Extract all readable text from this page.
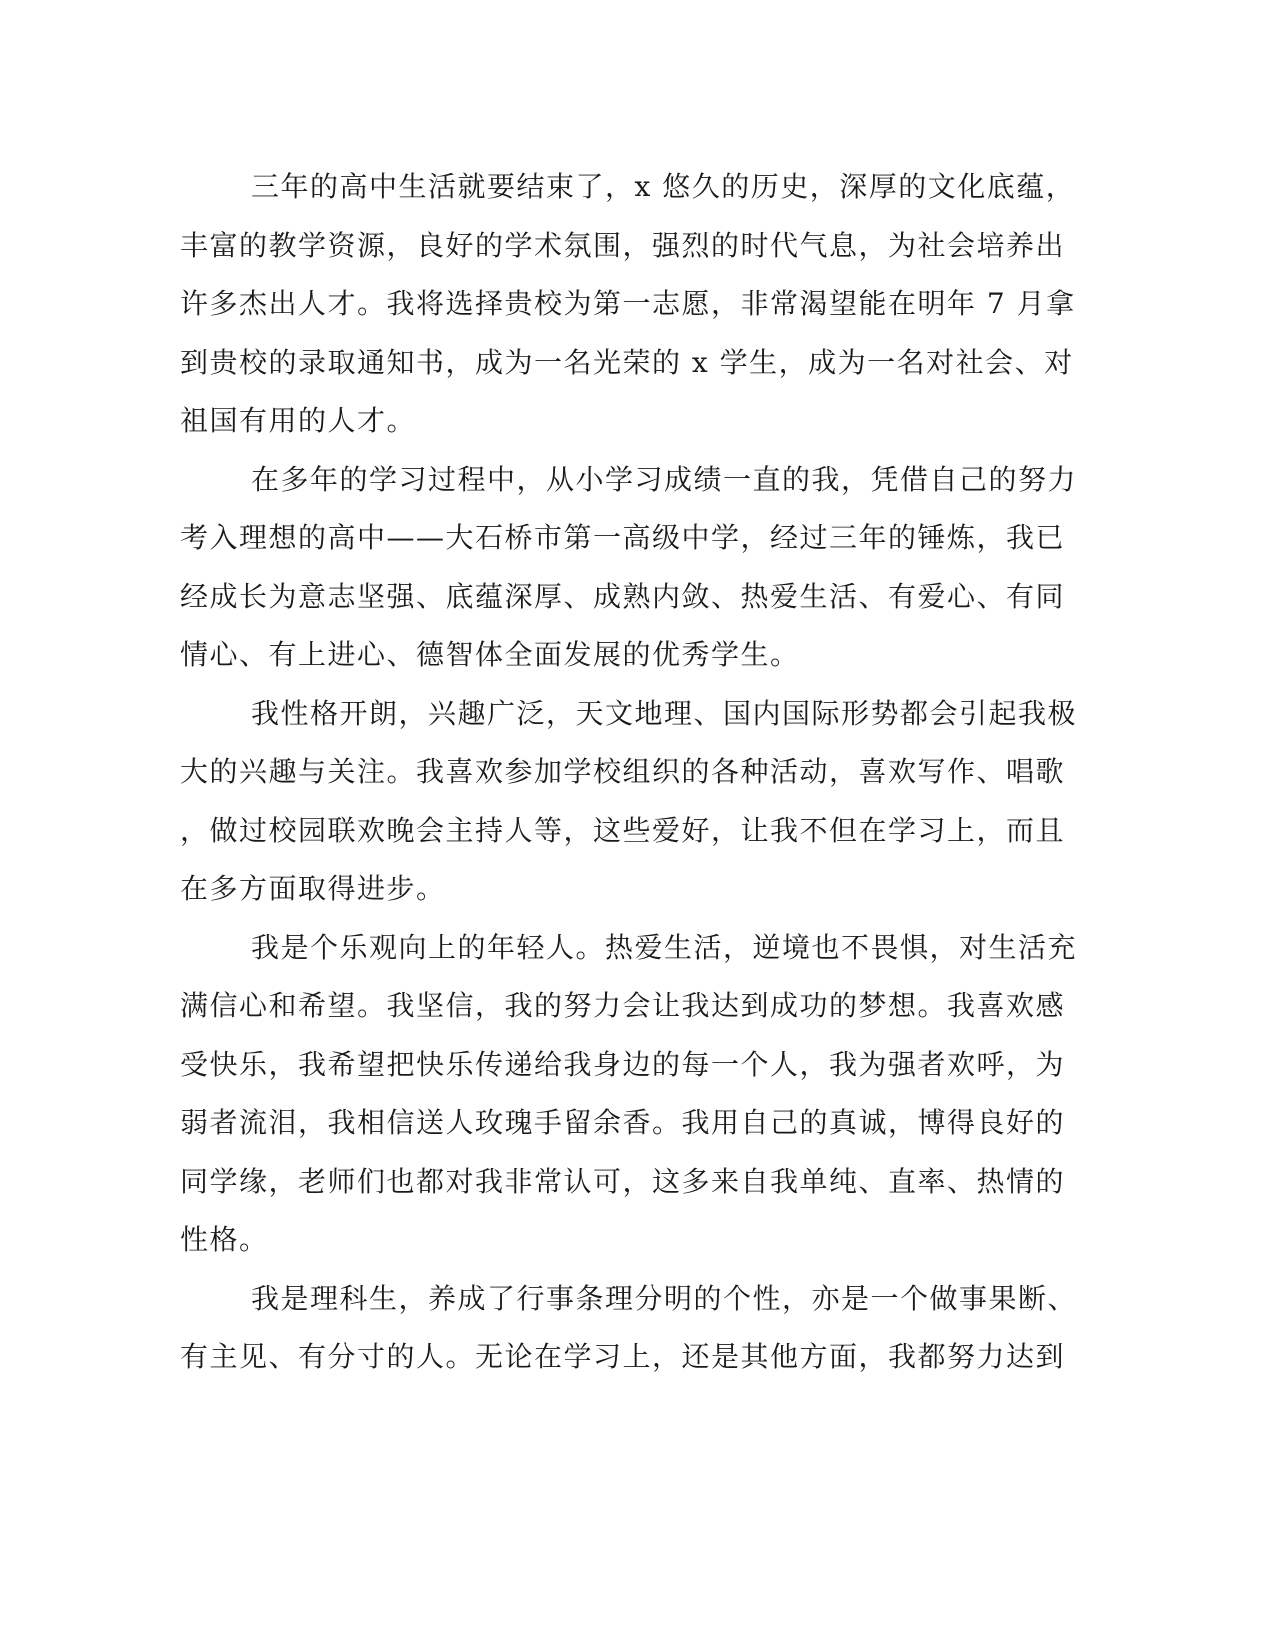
三年的高中生活就要结束了，x 悠久的历史，深厚的文化底蕴，
丰富的教学资源，良好的学术氛围，强烈的时代气息，为社会培养出
许多杰出人才。我将选择贵校为第一志愿，非常渴望能在明年 7 月拿
到贵校的录取通知书，成为一名光荣的 x 学生，成为一名对社会、对
祖国有用的人才。
在多年的学习过程中，从小学习成绩一直的我，凭借自己的努力
考入理想的高中——大石桥市第一高级中学，经过三年的锤炼，我已
经成长为意志坚强、底蕴深厚、成熟内敛、热爱生活、有爱心、有同
情心、有上进心、德智体全面发展的优秀学生。
我性格开朗，兴趣广泛，天文地理、国内国际形势都会引起我极
大的兴趣与关注。我喜欢参加学校组织的各种活动，喜欢写作、唱歌
，做过校园联欢晚会主持人等，这些爱好，让我不但在学习上，而且
在多方面取得进步。
我是个乐观向上的年轻人。热爱生活，逆境也不畏惧，对生活充
满信心和希望。我坚信，我的努力会让我达到成功的梦想。我喜欢感
受快乐，我希望把快乐传递给我身边的每一个人，我为强者欢呼，为
弱者流泪，我相信送人玫瑰手留余香。我用自己的真诚，博得良好的
同学缘，老师们也都对我非常认可，这多来自我单纯、直率、热情的
性格。
我是理科生，养成了行事条理分明的个性，亦是一个做事果断、
有主见、有分寸的人。无论在学习上，还是其他方面，我都努力达到
